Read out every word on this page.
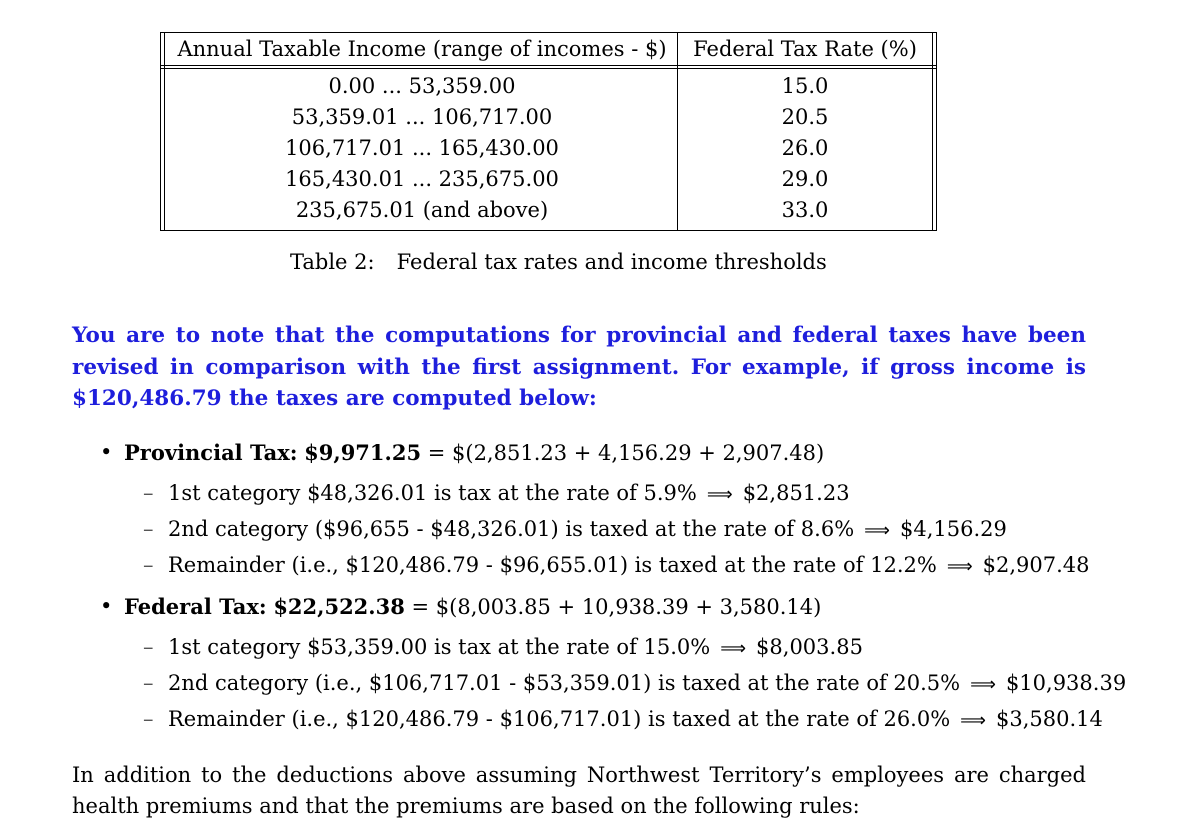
Annual Taxable Income (range of incomes - $)	Federal Tax Rate (%)
0.00 ... 53,359.00	15.0
53,359.01 ... 106,717.00	20.5
106,717.01 ... 165,430.00	26.0
165,430.01 ... 235,675.00	29.0
235,675.01 (and above)	33.0
Table 2: Federal tax rates and income thresholds
You are to note that the computations for provincial and federal taxes have been revised in comparison with the first assignment. For example, if gross income is $120,486.79 the taxes are computed below:
• Provincial Tax: $9,971.25 = $(2,851.23 + 4,156.29 + 2,907.48)
– 1st category $48,326.01 is tax at the rate of 5.9% ⟹ $2,851.23
– 2nd category ($96,655 - $48,326.01) is taxed at the rate of 8.6% ⟹ $4,156.29
– Remainder (i.e., $120,486.79 - $96,655.01) is taxed at the rate of 12.2% ⟹ $2,907.48
• Federal Tax: $22,522.38 = $(8,003.85 + 10,938.39 + 3,580.14)
– 1st category $53,359.00 is tax at the rate of 15.0% ⟹ $8,003.85
– 2nd category (i.e., $106,717.01 - $53,359.01) is taxed at the rate of 20.5% ⟹ $10,938.39
– Remainder (i.e., $120,486.79 - $106,717.01) is taxed at the rate of 26.0% ⟹ $3,580.14
In addition to the deductions above assuming Northwest Territory’s employees are charged health premiums and that the premiums are based on the following rules:
